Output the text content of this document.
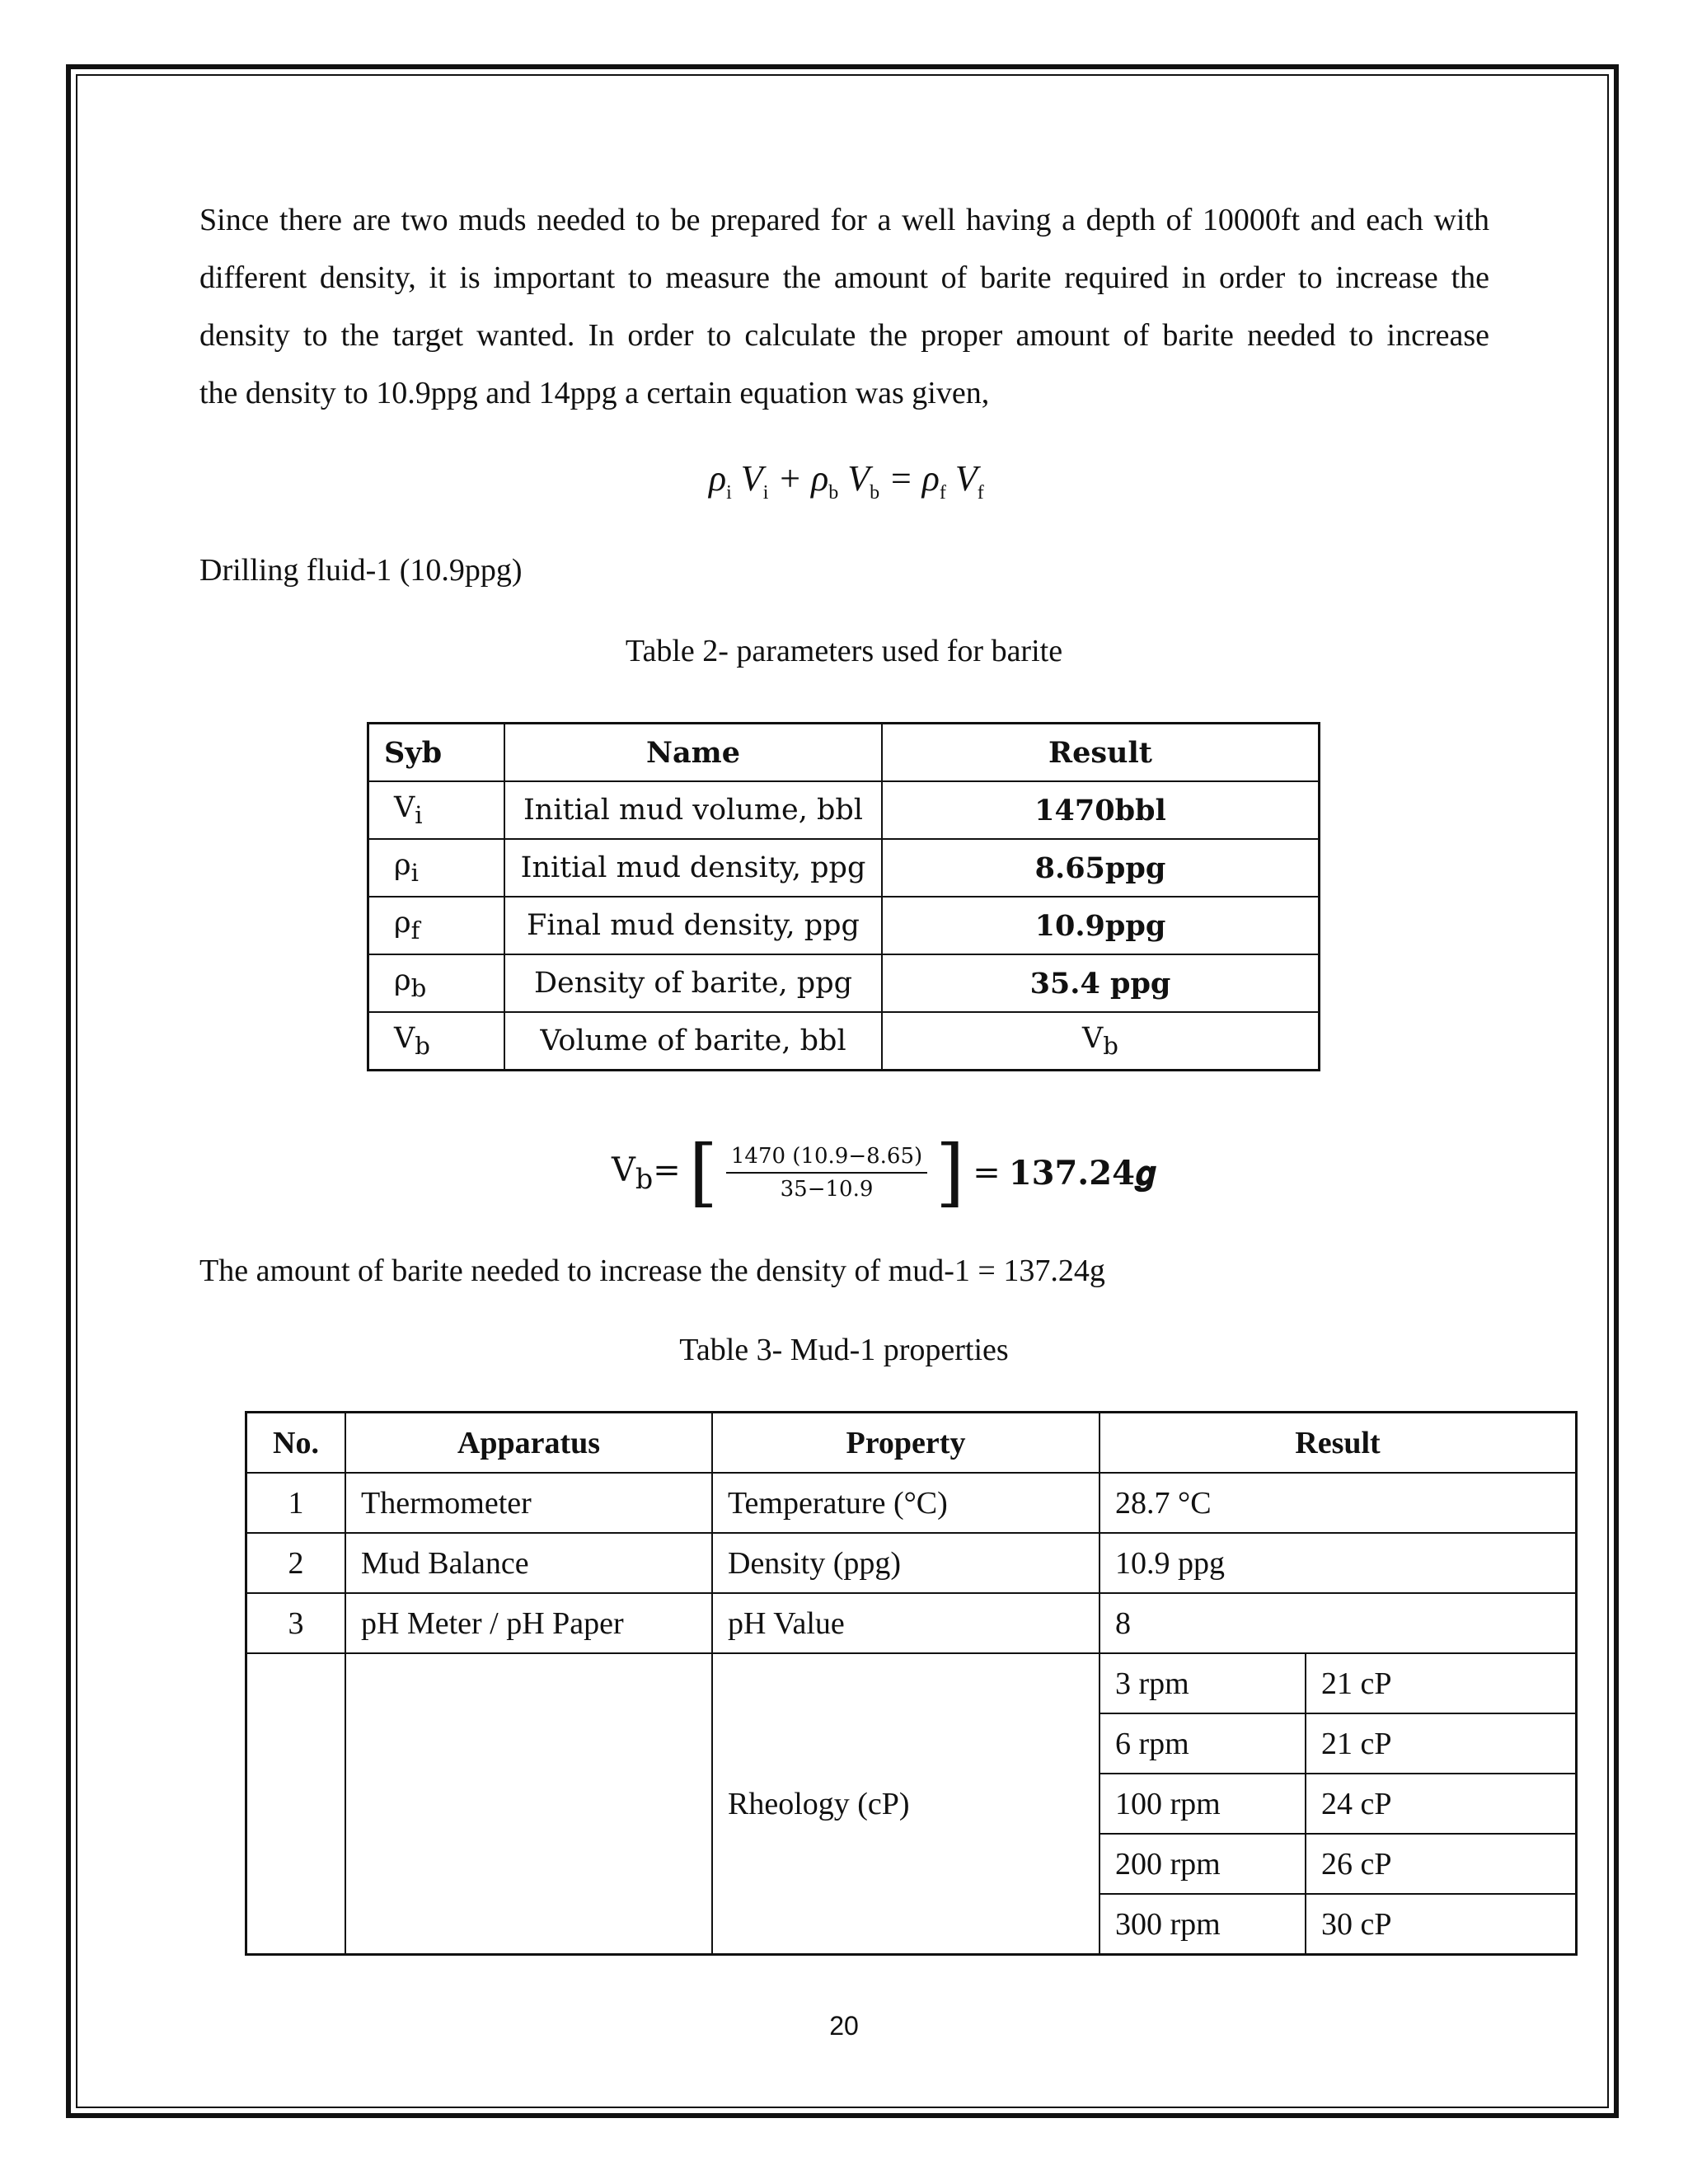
Since there are two muds needed to be prepared for a well having a depth of 10000ft and each with
different density, it is important to measure the amount of barite required in order to increase the
density to the target wanted. In order to calculate the proper amount of barite needed to increase
the density to 10.9ppg and 14ppg a certain equation was given,
$\rho_i$ $V_i + \rho_b$ $V_b = \rho_f$ $V_f$
Drilling fluid-1 (10.9ppg)
Table 2- parameters used for barite
Syb	Name	Result
$V_i$	Initial mud volume, bbl	1470bbl
$\rho_i$	Initial mud density, ppg	8.65ppg
$\rho_f$	Final mud density, ppg	10.9ppg
$\rho_b$	Density of barite, ppg	35.4 ppg
$V_b$	Volume of barite, bbl	$V_b$
$V_b=$ [ $\frac{1470 (10.9-8.65)}{35-10.9}$ ] = 137.24𝒈
The amount of barite needed to increase the density of mud-1 = 137.24g
Table 3- Mud-1 properties
No.	Apparatus	Property	Result	
1	Thermometer	Temperature (°C)	28.7 °C	
2	Mud Balance	Density (ppg)	10.9 ppg	
3	pH Meter / pH Paper	pH Value	8	
		Rheology (cP)	3 rpm	21 cP
			6 rpm	21 cP
			100 rpm	24 cP
			200 rpm	26 cP
			300 rpm	30 cP
20
